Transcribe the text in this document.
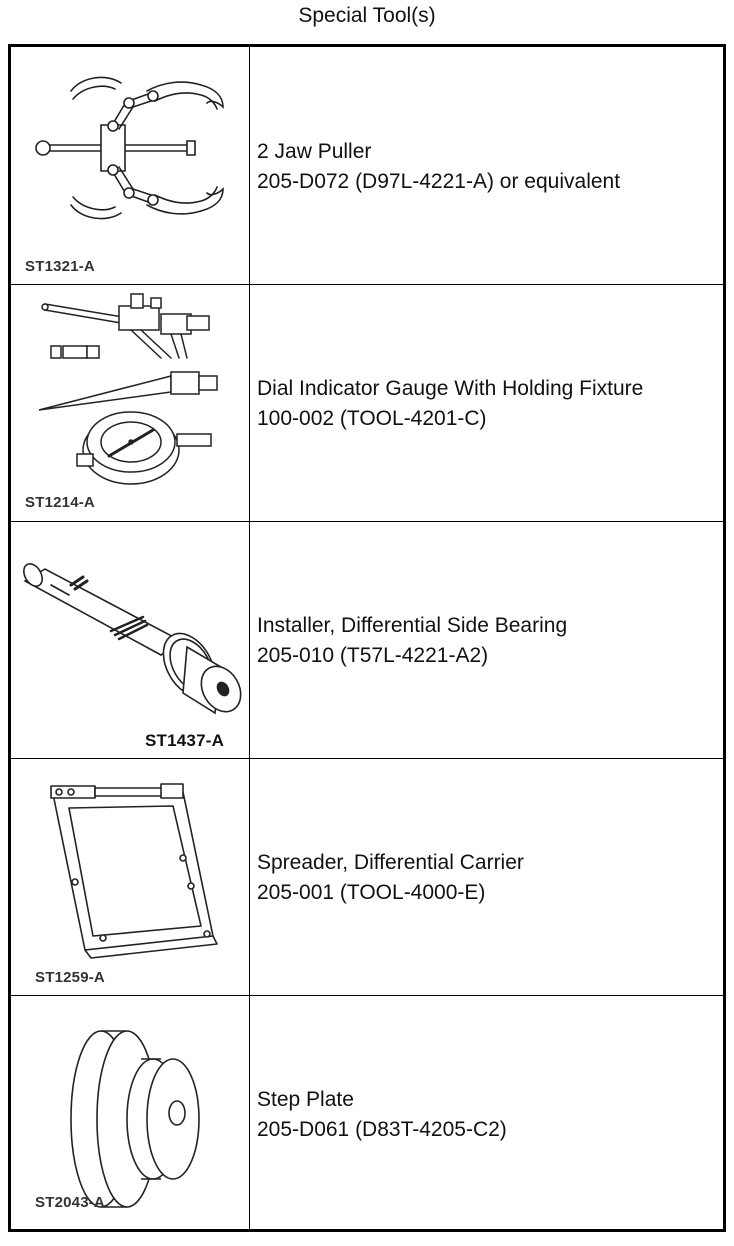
Special Tool(s)
ST1321-A
2 Jaw Puller
205-D072 (D97L-4221-A) or equivalent
ST1214-A
Dial Indicator Gauge With Holding Fixture
100-002 (TOOL-4201-C)
ST1437-A
Installer, Differential Side Bearing
205-010 (T57L-4221-A2)
ST1259-A
Spreader, Differential Carrier
205-001 (TOOL-4000-E)
ST2043-A
Step Plate
205-D061 (D83T-4205-C2)
